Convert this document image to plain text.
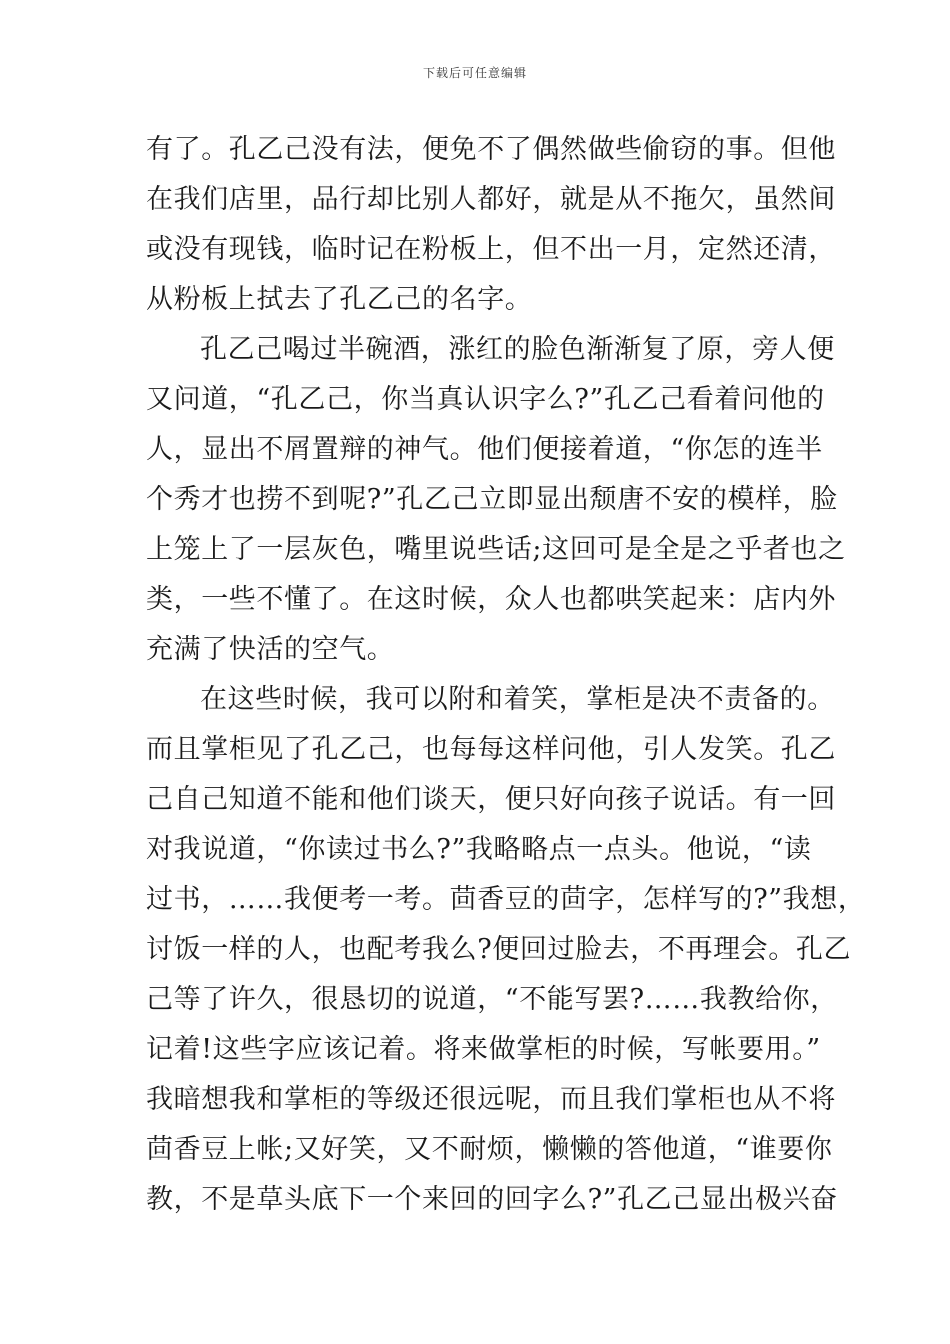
下载后可任意编辑
有了。孔乙己没有法，便免不了偶然做些偷窃的事。但他
在我们店里，品行却比别人都好，就是从不拖欠，虽然间
或没有现钱，临时记在粉板上，但不出一月，定然还清，
从粉板上拭去了孔乙己的名字。
孔乙己喝过半碗酒，涨红的脸色渐渐复了原，旁人便
又问道，“孔乙己，你当真认识字么?”孔乙己看着问他的
人，显出不屑置辩的神气。他们便接着道，“你怎的连半
个秀才也捞不到呢?”孔乙己立即显出颓唐不安的模样，脸
上笼上了一层灰色，嘴里说些话;这回可是全是之乎者也之
类，一些不懂了。在这时候，众人也都哄笑起来：店内外
充满了快活的空气。
在这些时候，我可以附和着笑，掌柜是决不责备的。
而且掌柜见了孔乙己，也每每这样问他，引人发笑。孔乙
己自己知道不能和他们谈天，便只好向孩子说话。有一回
对我说道，“你读过书么?”我略略点一点头。他说，“读
过书，……我便考一考。茴香豆的茴字，怎样写的?”我想，
讨饭一样的人，也配考我么?便回过脸去，不再理会。孔乙
己等了许久，很恳切的说道，“不能写罢?……我教给你，
记着!这些字应该记着。将来做掌柜的时候，写帐要用。”
我暗想我和掌柜的等级还很远呢，而且我们掌柜也从不将
茴香豆上帐;又好笑，又不耐烦，懒懒的答他道，“谁要你
教，不是草头底下一个来回的回字么?”孔乙己显出极兴奋
